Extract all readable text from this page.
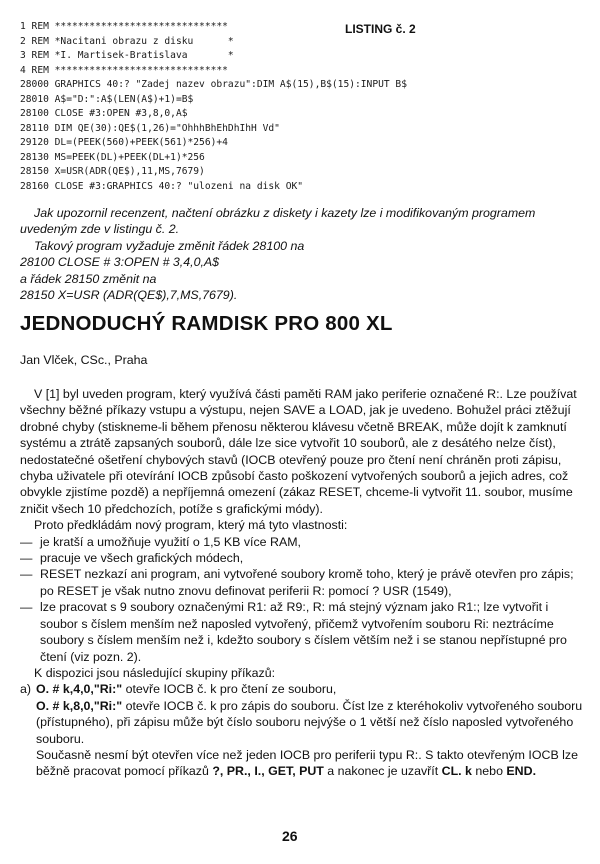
LISTING č. 2
1 REM ******************************
2 REM *Nacitani obrazu z disku      *
3 REM *I. Martisek-Bratislava       *
4 REM ******************************
28000 GRAPHICS 40:? "Zadej nazev obrazu":DIM A$(15),B$(15):INPUT B$
28010 A$="D:":A$(LEN(A$)+1)=B$
28100 CLOSE #3:OPEN #3,8,0,A$
28110 DIM QE(30):QE$(1,26)="OhhhBhEhDhIhH Vd"
29120 DL=(PEEK(560)+PEEK(561)*256)+4
28130 MS=PEEK(DL)+PEEK(DL+1)*256
28150 X=USR(ADR(QE$),11,MS,7679)
28160 CLOSE #3:GRAPHICS 40:? "ulozeni na disk OK"

Jak upozornil recenzent, načtení obrázku z diskety i kazety lze i modifikovaným programem uvedeným zde v listingu č. 2.

Takový program vyžaduje změnit řádek 28100 na

28100 CLOSE # 3:OPEN # 3,4,0,A$

a řádek 28150 změnit na

28150 X=USR (ADR(QE$),7,MS,7679).

JEDNODUCHÝ RAMDISK PRO 800 XL
Jan Vlček, CSc., Praha

V [1] byl uveden program, který využívá části paměti RAM jako periferie označené R:. Lze používat všechny běžné příkazy vstupu a výstupu, nejen SAVE a LOAD, jak je uvedeno. Bohužel práci ztěžují drobné chyby (stiskneme-li během přenosu některou klávesu včetně BREAK, může dojít k zamknutí systému a ztrátě zapsaných souborů, dále lze sice vytvořit 10 souborů, ale z desátého nelze číst), nedostatečné ošetření chybových stavů (IOCB otevřený pouze pro čtení není chráněn proti zápisu, chyba uživatele při otevírání IOCB způsobí často poškození vytvořených souborů a jejich adres, což obvykle zjistíme pozdě) a nepříjemná omezení (zákaz RESET, chceme-li vytvořit 11. soubor, musíme zničit všech 10 předchozích, potíže s grafickými módy).

Proto předkládám nový program, který má tyto vlastnosti:

— je kratší a umožňuje využití o 1,5 KB více RAM,
— pracuje ve všech grafických módech,
— RESET nezkazí ani program, ani vytvořené soubory kromě toho, který je právě otevřen pro zápis; po RESET je však nutno znovu definovat periferii R: pomocí ? USR (1549),
— lze pracovat s 9 soubory označenými R1: až R9:, R: má stejný význam jako R1:; lze vytvořit i soubor s číslem menším než naposled vytvořený, přičemž vytvořením souboru Ri: neztrácíme soubory s číslem menším než i, kdežto soubory s číslem větším než i se stanou nepřístupné pro čtení (viz pozn. 2).

K dispozici jsou následující skupiny příkazů:

a) O. # k,4,0,"Ri:" otevře IOCB č. k pro čtení ze souboru,

O. # k,8,0,"Ri:" otevře IOCB č. k pro zápis do souboru. Číst lze z kteréhokoliv vytvořeného souboru (přístupného), při zápisu může být číslo souboru nejvýše o 1 větší než číslo naposled vytvořeného souboru.

Současně nesmí být otevřen více než jeden IOCB pro periferii typu R:. S takto otevřeným IOCB lze běžně pracovat pomocí příkazů ?, PR., I., GET, PUT a nakonec je uzavřít CL. k nebo END.

26
